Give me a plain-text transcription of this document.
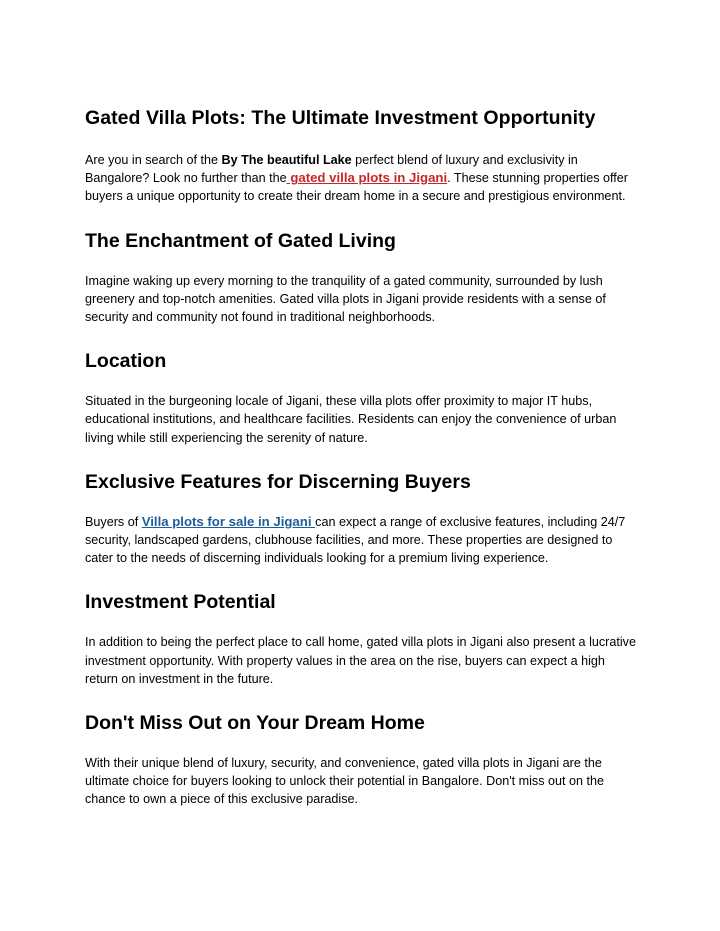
Gated Villa Plots: The Ultimate Investment Opportunity

Are you in search of the By The beautiful Lake perfect blend of luxury and exclusivity in Bangalore? Look no further than the gated villa plots in Jigani. These stunning properties offer buyers a unique opportunity to create their dream home in a secure and prestigious environment.

The Enchantment of Gated Living

Imagine waking up every morning to the tranquility of a gated community, surrounded by lush greenery and top-notch amenities. Gated villa plots in Jigani provide residents with a sense of security and community not found in traditional neighborhoods.

Location

Situated in the burgeoning locale of Jigani, these villa plots offer proximity to major IT hubs, educational institutions, and healthcare facilities. Residents can enjoy the convenience of urban living while still experiencing the serenity of nature.

Exclusive Features for Discerning Buyers

Buyers of Villa plots for sale in Jigani can expect a range of exclusive features, including 24/7 security, landscaped gardens, clubhouse facilities, and more. These properties are designed to cater to the needs of discerning individuals looking for a premium living experience.

Investment Potential

In addition to being the perfect place to call home, gated villa plots in Jigani also present a lucrative investment opportunity. With property values in the area on the rise, buyers can expect a high return on investment in the future.

Don't Miss Out on Your Dream Home

With their unique blend of luxury, security, and convenience, gated villa plots in Jigani are the ultimate choice for buyers looking to unlock their potential in Bangalore. Don't miss out on the chance to own a piece of this exclusive paradise.
